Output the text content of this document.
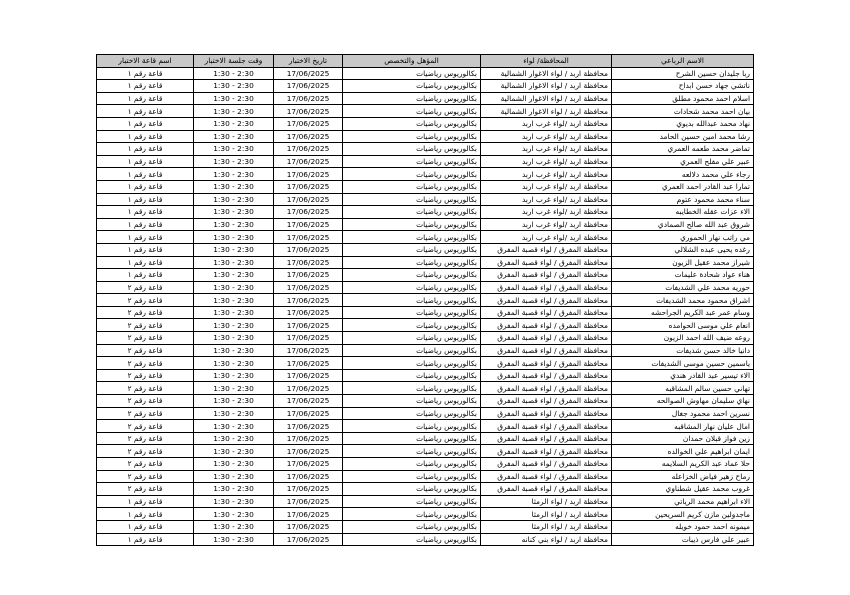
الاسم الرباعي	المحافظة/ لواء	المؤهل والتخصص	تاريخ الاختبار	وقت جلسة الاختبار	اسم قاعة الاختبار
ربا جليدان حسين الشرح	محافظة اربد / لواء الاغوار الشمالية	بكالوريوس رياضيات	17/06/2025	1:30 - 2:30	قاعة رقم ١
ناتشي جهاد حسن ابداح	محافظة اربد / لواء الاغوار الشمالية	بكالوريوس رياضيات	17/06/2025	1:30 - 2:30	قاعة رقم ١
اسلام احمد محمود مطلق	محافظة اربد / لواء الاغوار الشمالية	بكالوريوس رياضيات	17/06/2025	1:30 - 2:30	قاعة رقم ١
بيان احمد محمد شحادات	محافظة اربد / لواء الاغوار الشمالية	بكالوريوس رياضيات	17/06/2025	1:30 - 2:30	قاعة رقم ١
نهاد محمد عبدالله بديوي	محافظة اربد /لواء غرب اربد	بكالوريوس رياضيات	17/06/2025	1:30 - 2:30	قاعة رقم ١
رشا محمد امين حسين الحامد	محافظة اربد /لواء غرب اربد	بكالوريوس رياضيات	17/06/2025	1:30 - 2:30	قاعة رقم ١
تماضر محمد طعمه العمري	محافظة اربد /لواء غرب اربد	بكالوريوس رياضيات	17/06/2025	1:30 - 2:30	قاعة رقم ١
عبير علي مفلح العمري	محافظة اربد /لواء غرب اربد	بكالوريوس رياضيات	17/06/2025	1:30 - 2:30	قاعة رقم ١
رجاء علي محمد دلالعه	محافظة اربد /لواء غرب اربد	بكالوريوس رياضيات	17/06/2025	1:30 - 2:30	قاعة رقم ١
تمارا عبد القادر احمد العمري	محافظة اربد /لواء غرب اربد	بكالوريوس رياضيات	17/06/2025	1:30 - 2:30	قاعة رقم ١
سناء محمد محمود عتوم	محافظة اربد /لواء غرب اربد	بكالوريوس رياضيات	17/06/2025	1:30 - 2:30	قاعة رقم ١
الاء عزات عقله الخطايبه	محافظة اربد /لواء غرب اربد	بكالوريوس رياضيات	17/06/2025	1:30 - 2:30	قاعة رقم ١
شروق عبد الله صالح الصمادي	محافظة اربد /لواء غرب اربد	بكالوريوس رياضيات	17/06/2025	1:30 - 2:30	قاعة رقم ١
مي راتب نهار الحموري	محافظة اربد /لواء غرب اربد	بكالوريوس رياضيات	17/06/2025	1:30 - 2:30	قاعة رقم ١
رغده يحيى عبده الشلالي	محافظة المفرق / لواء قصبة المفرق	بكالوريوس رياضيات	17/06/2025	1:30 - 2:30	قاعة رقم ١
شيراز محمد عقيل الزيون	محافظة المفرق / لواء قصبة المفرق	بكالوريوس رياضيات	17/06/2025	1:30 - 2:30	قاعة رقم ١
هناء عواد شحادة عليمات	محافظة المفرق / لواء قصبة المفرق	بكالوريوس رياضيات	17/06/2025	1:30 - 2:30	قاعة رقم ١
حوريه محمد علي الشديفات	محافظة المفرق / لواء قصبة المفرق	بكالوريوس رياضيات	17/06/2025	1:30 - 2:30	قاعة رقم ٢
اشراق محمود محمد الشديفات	محافظة المفرق / لواء قصبة المفرق	بكالوريوس رياضيات	17/06/2025	1:30 - 2:30	قاعة رقم ٢
وسام عمر عبد الكريم الجراحشه	محافظة المفرق / لواء قصبة المفرق	بكالوريوس رياضيات	17/06/2025	1:30 - 2:30	قاعة رقم ٢
انعام علي موسى الحوامده	محافظة المفرق / لواء قصبة المفرق	بكالوريوس رياضيات	17/06/2025	1:30 - 2:30	قاعة رقم ٢
روعه ضيف الله احمد الزيون	محافظة المفرق / لواء قصبة المفرق	بكالوريوس رياضيات	17/06/2025	1:30 - 2:30	قاعة رقم ٢
دانيا خالد حسن شديفات	محافظة المفرق / لواء قصبة المفرق	بكالوريوس رياضيات	17/06/2025	1:30 - 2:30	قاعة رقم ٢
ياسمين حسين موسى الشديفات	محافظة المفرق / لواء قصبة المفرق	بكالوريوس رياضيات	17/06/2025	1:30 - 2:30	قاعة رقم ٢
الاء تيسير عبد القادر هندي	محافظة المفرق / لواء قصبة المفرق	بكالوريوس رياضيات	17/06/2025	1:30 - 2:30	قاعة رقم ٢
تهاني حسين سالم المشاقبه	محافظة المفرق / لواء قصبة المفرق	بكالوريوس رياضيات	17/06/2025	1:30 - 2:30	قاعة رقم ٢
نهاي سليمان مهاوش الصوالحه	محافظة المفرق / لواء قصبة المفرق	بكالوريوس رياضيات	17/06/2025	1:30 - 2:30	قاعة رقم ٢
نسرين احمد محمود جغال	محافظة المفرق / لواء قصبة المفرق	بكالوريوس رياضيات	17/06/2025	1:30 - 2:30	قاعة رقم ٢
امال عليان نهار المشاقبه	محافظة المفرق / لواء قصبة المفرق	بكالوريوس رياضيات	17/06/2025	1:30 - 2:30	قاعة رقم ٢
زين فواز قبلان حمدان	محافظة المفرق / لواء قصبة المفرق	بكالوريوس رياضيات	17/06/2025	1:30 - 2:30	قاعة رقم ٢
ايمان ابراهيم علي الخوالده	محافظة المفرق / لواء قصبة المفرق	بكالوريوس رياضيات	17/06/2025	1:30 - 2:30	قاعة رقم ٢
حلا عماد عبد الكريم السلايمه	محافظة المفرق / لواء قصبة المفرق	بكالوريوس رياضيات	17/06/2025	1:30 - 2:30	قاعة رقم ٢
رماح زهير فياض الخزاعله	محافظة المفرق / لواء قصبة المفرق	بكالوريوس رياضيات	17/06/2025	1:30 - 2:30	قاعة رقم ٢
غروب محمد عقيل شطناوي	محافظة المفرق / لواء قصبة المفرق	بكالوريوس رياضيات	17/06/2025	1:30 - 2:30	قاعة رقم ٢
الاء ابراهيم محمد الرياتي	محافظة اربد / لواء الرمثا	بكالوريوس رياضيات	17/06/2025	1:30 - 2:30	قاعة رقم ١
ماجدولين مازن كريم السريحين	محافظة اربد / لواء الرمثا	بكالوريوس رياضيات	17/06/2025	1:30 - 2:30	قاعة رقم ١
ميمونه احمد حمود خويله	محافظة اربد / لواء الرمثا	بكالوريوس رياضيات	17/06/2025	1:30 - 2:30	قاعة رقم ١
عبير علي فارس ذيبات	محافظة اربد / لواء بني كنانه	بكالوريوس رياضيات	17/06/2025	1:30 - 2:30	قاعة رقم ١
